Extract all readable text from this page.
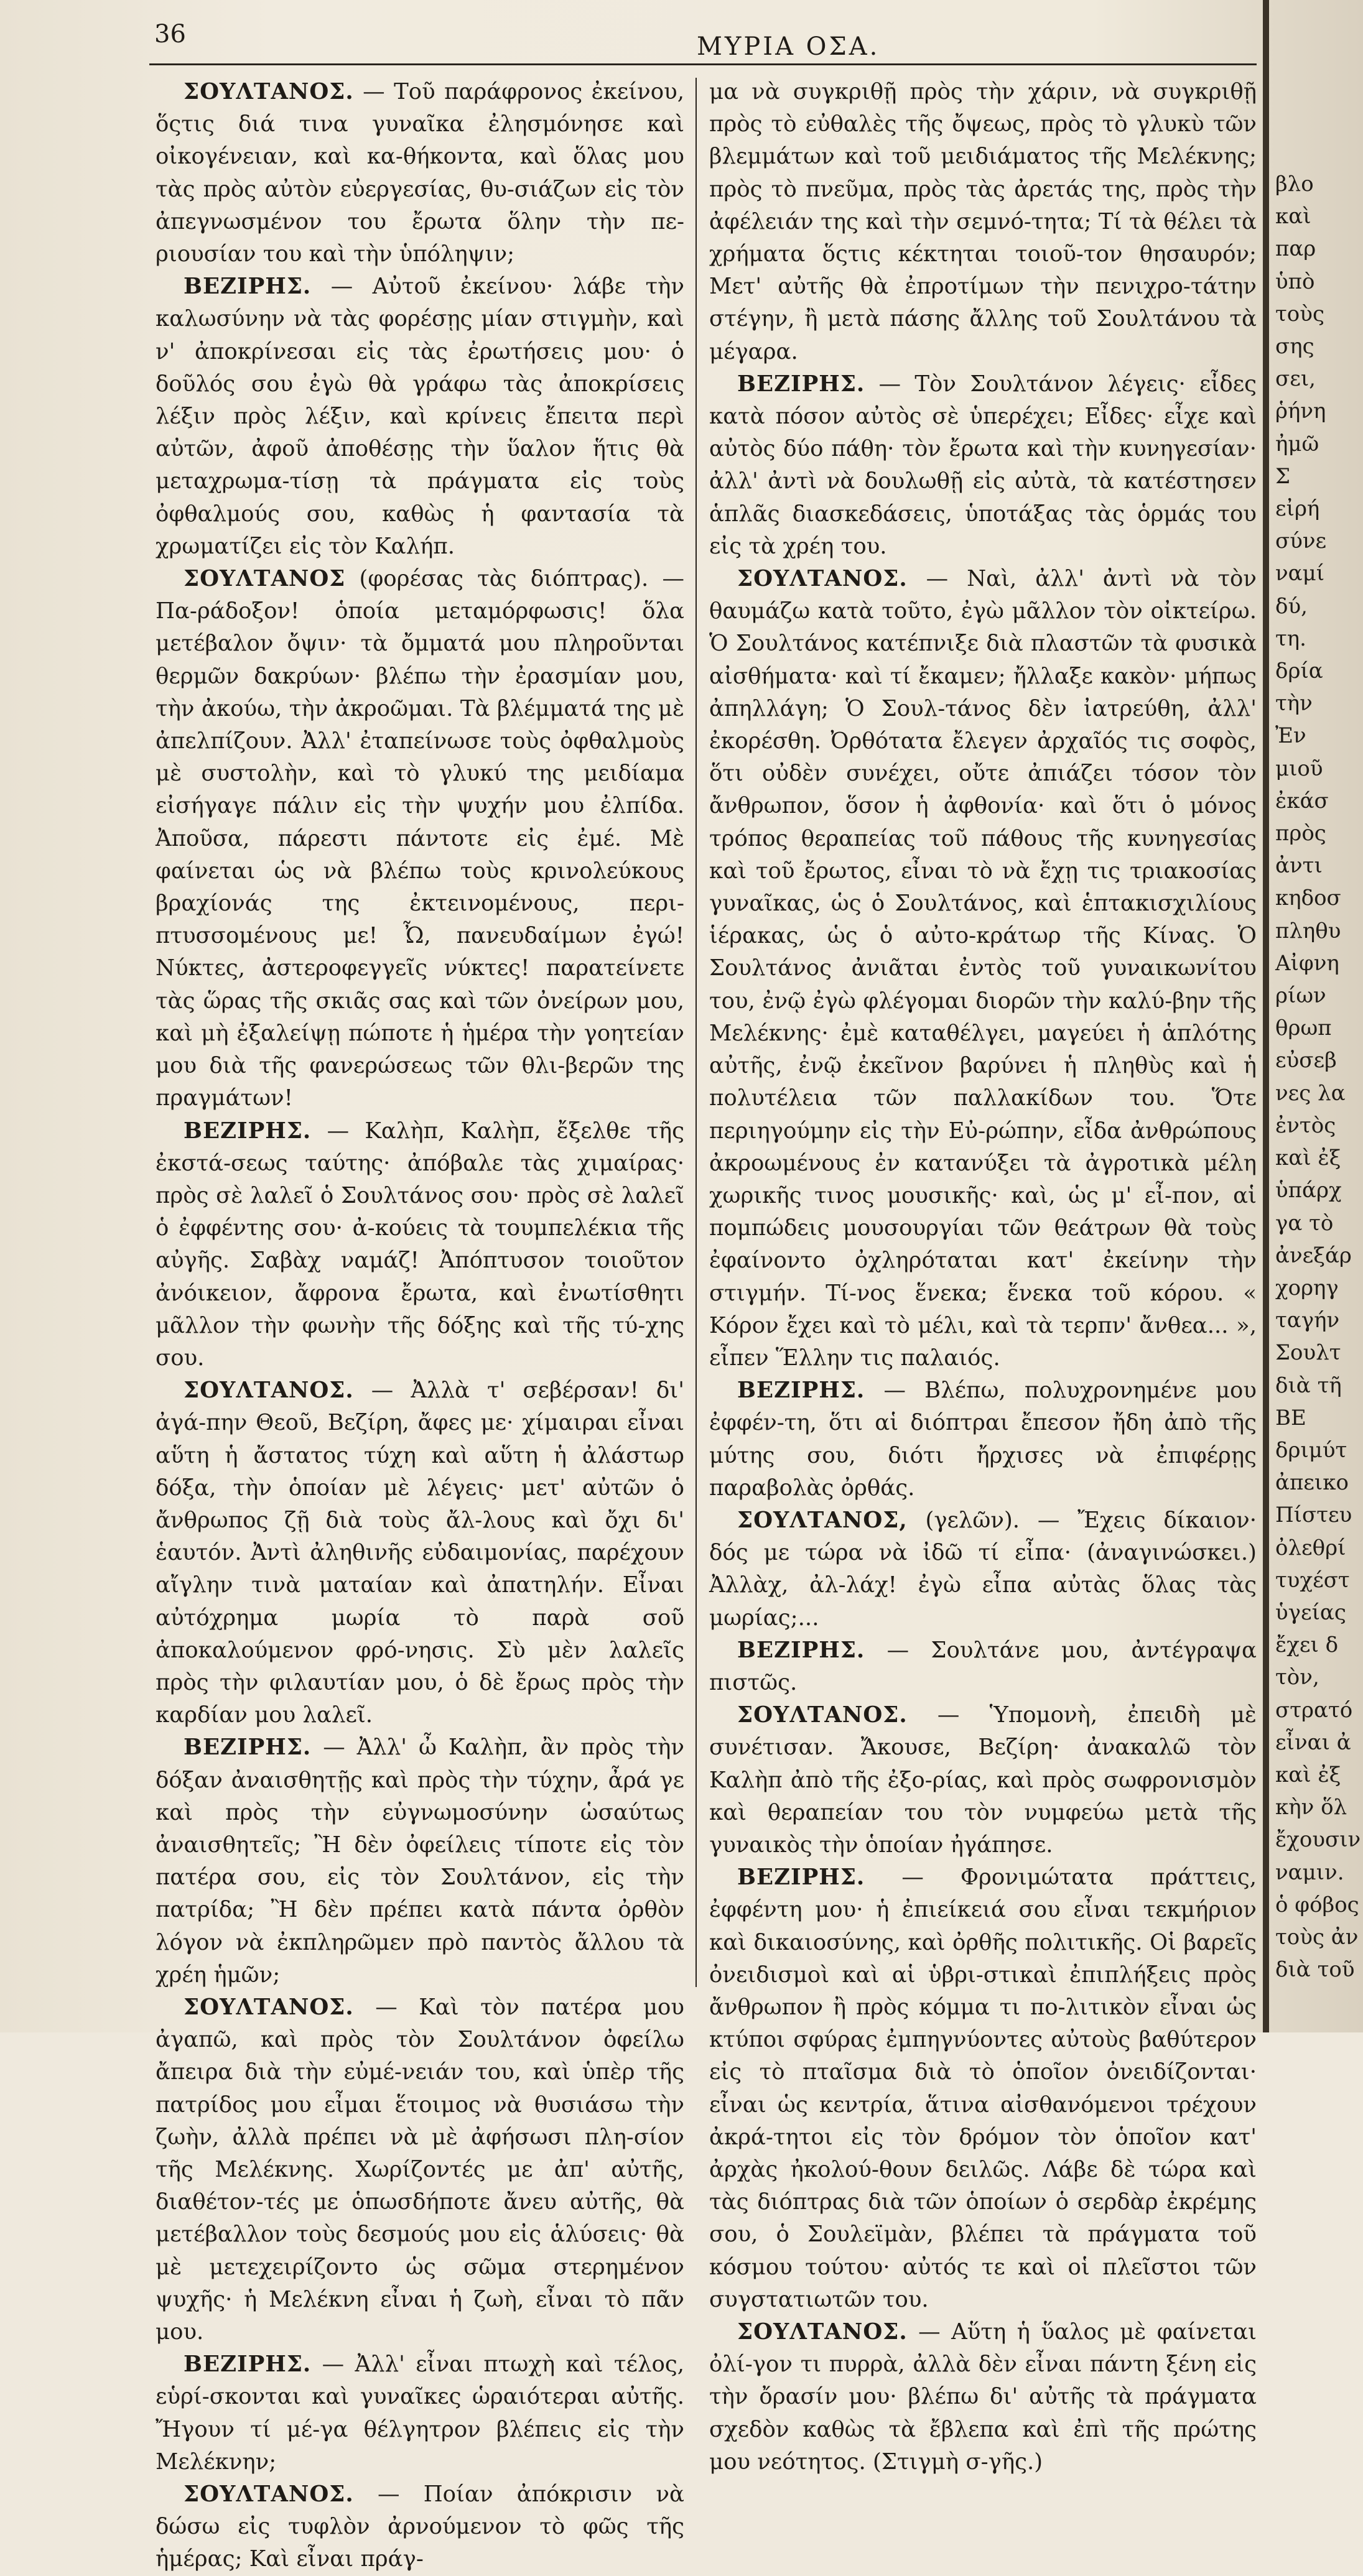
36	ΜΥΡΙΑ ΟΣΑ.

ΣΟΥΛΤΑΝΟΣ. — Τοῦ παράφρονος ἐκείνου, ὅςτις διά τινα γυναῖκα ἐλησμόνησε καὶ οἰκογένειαν, καὶ κα-θήκοντα, καὶ ὅλας μου τὰς πρὸς αὐτὸν εὐεργεσίας, θυ-σιάζων εἰς τὸν ἀπεγνωσμένον του ἔρωτα ὅλην τὴν πε-ριουσίαν του καὶ τὴν ὑπόληψιν;

ΒΕΖΙΡΗΣ. — Αὐτοῦ ἐκείνου· λάβε τὴν καλωσύνην νὰ τὰς φορέσῃς μίαν στιγμὴν, καὶ ν' ἀποκρίνεσαι εἰς τὰς ἐρωτήσεις μου· ὁ δοῦλός σου ἐγὼ θὰ γράφω τὰς ἀποκρίσεις λέξιν πρὸς λέξιν, καὶ κρίνεις ἔπειτα περὶ αὐτῶν, ἀφοῦ ἀποθέσῃς τὴν ὕαλον ἥτις θὰ μεταχρωμα-τίσῃ τὰ πράγματα εἰς τοὺς ὀφθαλμούς σου, καθὼς ἡ φαντασία τὰ χρωματίζει εἰς τὸν Καλήπ.

ΣΟΥΛΤΑΝΟΣ (φορέσας τὰς διόπτρας). — Πα-ράδοξον! ὁποία μεταμόρφωσις! ὅλα μετέβαλον ὄψιν· τὰ ὄμματά μου πληροῦνται θερμῶν δακρύων· βλέπω τὴν ἐρασμίαν μου, τὴν ἀκούω, τὴν ἀκροῶμαι. Τὰ βλέμματά της μὲ ἀπελπίζουν. Ἀλλ' ἐταπείνωσε τοὺς ὀφθαλμοὺς μὲ συστολὴν, καὶ τὸ γλυκύ της μειδίαμα εἰσήγαγε πάλιν εἰς τὴν ψυχήν μου ἐλπίδα. Ἀποῦσα, πάρεστι πάντοτε εἰς ἐμέ. Μὲ φαίνεται ὡς νὰ βλέπω τοὺς κρινολεύκους βραχίονάς της ἐκτεινομένους, περι-πτυσσομένους με! Ὦ, πανευδαίμων ἐγώ! Νύκτες, ἀστεροφεγγεῖς νύκτες! παρατείνετε τὰς ὥρας τῆς σκιᾶς σας καὶ τῶν ὀνείρων μου, καὶ μὴ ἐξαλείψῃ πώποτε ἡ ἡμέρα τὴν γοητείαν μου διὰ τῆς φανερώσεως τῶν θλι-βερῶν της πραγμάτων!

ΒΕΖΙΡΗΣ. — Καλὴπ, Καλὴπ, ἔξελθε τῆς ἐκστά-σεως ταύτης· ἀπόβαλε τὰς χιμαίρας· πρὸς σὲ λαλεῖ ὁ Σουλτάνος σου· πρὸς σὲ λαλεῖ ὁ ἐφφέντης σου· ἀ-κούεις τὰ τουμπελέκια τῆς αὐγῆς. Σαβὰχ ναμάζ! Ἀπόπτυσον τοιοῦτον ἀνόικειον, ἄφρονα ἔρωτα, καὶ ἐνωτίσθητι μᾶλλον τὴν φωνὴν τῆς δόξης καὶ τῆς τύ-χης σου.

ΣΟΥΛΤΑΝΟΣ. — Ἀλλὰ τ' σεβέρσαν! δι' ἀγά-πην Θεοῦ, Βεζίρη, ἄφες με· χίμαιραι εἶναι αὕτη ἡ ἄστατος τύχη καὶ αὕτη ἡ ἀλάστωρ δόξα, τὴν ὁποίαν μὲ λέγεις· μετ' αὐτῶν ὁ ἄνθρωπος ζῇ διὰ τοὺς ἄλ-λους καὶ ὄχι δι' ἑαυτόν. Ἀντὶ ἀληθινῆς εὐδαιμονίας, παρέχουν αἴγλην τινὰ ματαίαν καὶ ἀπατηλήν. Εἶναι αὐτόχρημα μωρία τὸ παρὰ σοῦ ἀποκαλούμενον φρό-νησις. Σὺ μὲν λαλεῖς πρὸς τὴν φιλαυτίαν μου, ὁ δὲ ἔρως πρὸς τὴν καρδίαν μου λαλεῖ.

ΒΕΖΙΡΗΣ. — Ἀλλ' ὦ Καλὴπ, ἂν πρὸς τὴν δόξαν ἀναισθητῇς καὶ πρὸς τὴν τύχην, ἆρά γε καὶ πρὸς τὴν εὐγνωμοσύνην ὡσαύτως ἀναισθητεῖς; Ἢ δὲν ὀφείλεις τίποτε εἰς τὸν πατέρα σου, εἰς τὸν Σουλτάνον, εἰς τὴν πατρίδα; Ἢ δὲν πρέπει κατὰ πάντα ὀρθὸν λόγον νὰ ἐκπληρῶμεν πρὸ παντὸς ἄλλου τὰ χρέη ἡμῶν;

ΣΟΥΛΤΑΝΟΣ. — Καὶ τὸν πατέρα μου ἀγαπῶ, καὶ πρὸς τὸν Σουλτάνον ὀφείλω ἄπειρα διὰ τὴν εὐμέ-νειάν του, καὶ ὑπὲρ τῆς πατρίδος μου εἶμαι ἕτοιμος νὰ θυσιάσω τὴν ζωὴν, ἀλλὰ πρέπει νὰ μὲ ἀφήσωσι πλη-σίον τῆς Μελέκνης. Χωρίζοντές με ἀπ' αὐτῆς, διαθέτον-τές με ὁπωσδήποτε ἄνευ αὐτῆς, θὰ μετέβαλλον τοὺς δεσμούς μου εἰς ἁλύσεις· θὰ μὲ μετεχειρίζοντο ὡς σῶμα στερημένον ψυχῆς· ἡ Μελέκνη εἶναι ἡ ζωὴ, εἶναι τὸ πᾶν μου.

ΒΕΖΙΡΗΣ. — Ἀλλ' εἶναι πτωχὴ καὶ τέλος, εὑρί-σκονται καὶ γυναῖκες ὡραιότεραι αὐτῆς. Ἤγουν τί μέ-γα θέλγητρον βλέπεις εἰς τὴν Μελέκνην;

ΣΟΥΛΤΑΝΟΣ. — Ποίαν ἀπόκρισιν νὰ δώσω εἰς τυφλὸν ἀρνούμενον τὸ φῶς τῆς ἡμέρας; Καὶ εἶναι πράγ-

μα νὰ συγκριθῇ πρὸς τὴν χάριν, νὰ συγκριθῇ πρὸς τὸ εὐθαλὲς τῆς ὄψεως, πρὸς τὸ γλυκὺ τῶν βλεμμάτων καὶ τοῦ μειδιάματος τῆς Μελέκνης; πρὸς τὸ πνεῦμα, πρὸς τὰς ἀρετάς της, πρὸς τὴν ἀφέλειάν της καὶ τὴν σεμνό-τητα; Τί τὰ θέλει τὰ χρήματα ὅςτις κέκτηται τοιοῦ-τον θησαυρόν; Μετ' αὐτῆς θὰ ἐπροτίμων τὴν πενιχρο-τάτην στέγην, ἢ μετὰ πάσης ἄλλης τοῦ Σουλτάνου τὰ μέγαρα.

ΒΕΖΙΡΗΣ. — Τὸν Σουλτάνον λέγεις· εἶδες κατὰ πόσον αὐτὸς σὲ ὑπερέχει; Εἶδες· εἶχε καὶ αὐτὸς δύο πάθη· τὸν ἔρωτα καὶ τὴν κυνηγεσίαν· ἀλλ' ἀντὶ νὰ δουλωθῇ εἰς αὐτὰ, τὰ κατέστησεν ἁπλᾶς διασκεδάσεις, ὑποτάξας τὰς ὁρμάς του εἰς τὰ χρέη του.

ΣΟΥΛΤΑΝΟΣ. — Ναὶ, ἀλλ' ἀντὶ νὰ τὸν θαυμάζω κατὰ τοῦτο, ἐγὼ μᾶλλον τὸν οἰκτείρω. Ὁ Σουλτάνος κατέπνιξε διὰ πλαστῶν τὰ φυσικὰ αἰσθήματα· καὶ τί ἔκαμεν; ἤλλαξε κακὸν· μήπως ἀπηλλάγη; Ὁ Σουλ-τάνος δὲν ἰατρεύθη, ἀλλ' ἐκορέσθη. Ὀρθότατα ἔλεγεν ἀρχαῖός τις σοφὸς, ὅτι οὐδὲν συνέχει, οὔτε ἀπιάζει τόσον τὸν ἄνθρωπον, ὅσον ἡ ἀφθονία· καὶ ὅτι ὁ μόνος τρόπος θεραπείας τοῦ πάθους τῆς κυνηγεσίας καὶ τοῦ ἔρωτος, εἶναι τὸ νὰ ἔχῃ τις τριακοσίας γυναῖκας, ὡς ὁ Σουλτάνος, καὶ ἑπτακισχιλίους ἱέρακας, ὡς ὁ αὐτο-κράτωρ τῆς Κίνας. Ὁ Σουλτάνος ἀνιᾶται ἐντὸς τοῦ γυναικωνίτου του, ἐνῷ ἐγὼ φλέγομαι διορῶν τὴν καλύ-βην τῆς Μελέκνης· ἐμὲ καταθέλγει, μαγεύει ἡ ἁπλότης αὐτῆς, ἐνῷ ἐκεῖνον βαρύνει ἡ πληθὺς καὶ ἡ πολυτέλεια τῶν παλλακίδων του. Ὅτε περιηγούμην εἰς τὴν Εὐ-ρώπην, εἶδα ἀνθρώπους ἀκροωμένους ἐν κατανύξει τὰ ἀγροτικὰ μέλη χωρικῆς τινος μουσικῆς· καὶ, ὡς μ' εἶ-πον, αἱ πομπώδεις μουσουργίαι τῶν θεάτρων θὰ τοὺς ἐφαίνοντο ὀχληρόταται κατ' ἐκείνην τὴν στιγμήν. Τί-νος ἕνεκα; ἕνεκα τοῦ κόρου. « Κόρον ἔχει καὶ τὸ μέλι, καὶ τὰ τερπν' ἄνθεα... », εἶπεν Ἕλλην τις παλαιός.

ΒΕΖΙΡΗΣ. — Βλέπω, πολυχρονημένε μου ἐφφέν-τη, ὅτι αἱ διόπτραι ἔπεσον ἤδη ἀπὸ τῆς μύτης σου, διότι ἤρχισες νὰ ἐπιφέρῃς παραβολὰς ὀρθάς.

ΣΟΥΛΤΑΝΟΣ, (γελῶν). — Ἔχεις δίκαιον· δός με τώρα νὰ ἰδῶ τί εἶπα· (ἀναγινώσκει.) Ἀλλὰχ, ἀλ-λάχ! ἐγὼ εἶπα αὐτὰς ὅλας τὰς μωρίας;...

ΒΕΖΙΡΗΣ. — Σουλτάνε μου, ἀντέγραψα πιστῶς.

ΣΟΥΛΤΑΝΟΣ. — Ὑπομονὴ, ἐπειδὴ μὲ συνέτισαν. Ἄκουσε, Βεζίρη· ἀνακαλῶ τὸν Καλὴπ ἀπὸ τῆς ἐξο-ρίας, καὶ πρὸς σωφρονισμὸν καὶ θεραπείαν του τὸν νυμφεύω μετὰ τῆς γυναικὸς τὴν ὁποίαν ἠγάπησε.

ΒΕΖΙΡΗΣ. — Φρονιμώτατα πράττεις, ἐφφέντη μου· ἡ ἐπιείκειά σου εἶναι τεκμήριον καὶ δικαιοσύνης, καὶ ὀρθῆς πολιτικῆς. Οἱ βαρεῖς ὀνειδισμοὶ καὶ αἱ ὑβρι-στικαὶ ἐπιπλήξεις πρὸς ἄνθρωπον ἢ πρὸς κόμμα τι πο-λιτικὸν εἶναι ὡς κτύποι σφύρας ἐμπηγνύοντες αὐτοὺς βαθύτερον εἰς τὸ πταῖσμα διὰ τὸ ὁποῖον ὀνειδίζονται· εἶναι ὡς κεντρία, ἅτινα αἰσθανόμενοι τρέχουν ἀκρά-τητοι εἰς τὸν δρόμον τὸν ὁποῖον κατ' ἀρχὰς ἠκολού-θουν δειλῶς. Λάβε δὲ τώρα καὶ τὰς διόπτρας διὰ τῶν ὁποίων ὁ σερδὰρ ἐκρέμης σου, ὁ Σουλεϊμὰν, βλέπει τὰ πράγματα τοῦ κόσμου τούτου· αὐτός τε καὶ οἱ πλεῖστοι τῶν συγστατιωτῶν του.

ΣΟΥΛΤΑΝΟΣ. — Αὕτη ἡ ὕαλος μὲ φαίνεται ὀλί-γον τι πυρρὰ, ἀλλὰ δὲν εἶναι πάντη ξένη εἰς τὴν ὄρασίν μου· βλέπω δι' αὐτῆς τὰ πράγματα σχεδὸν καθὼς τὰ ἔβλεπα καὶ ἐπὶ τῆς πρώτης μου νεότητος. (Στιγμὴ σ-γῆς.)

βλο
καὶ
παρ
ὑπὸ
τοὺς
σης
σει,
ῥήνη
ἠμῶ
Σ
εἰρή
σύνε
ναμί
δύ,
τη.
δρία
τὴν
Ἐν
μιοῦ
ἐκάσ
πρὸς
ἀντι
κηδοσ
πληθυ
Αἰφνη
ρίων
θρωπ
εὐσεβ
νες λα
ἐντὸς
καὶ ἐξ
ὑπάρχ
γα τὸ
ἀνεξάρ
χορηγ
ταγήν
Σουλτ
διὰ τῆ
ΒΕ
δριμύτ
ἀπεικο
Πίστευ
ὀλεθρί
τυχέστ
ὑγείας
ἔχει δ
τὸν,
στρατό
εἶναι ἀ
καὶ ἐξ
κὴν ὅλ
ἔχουσιν
ναμιν.
ὁ φόβος
τοὺς ἀν
διὰ τοῦ
